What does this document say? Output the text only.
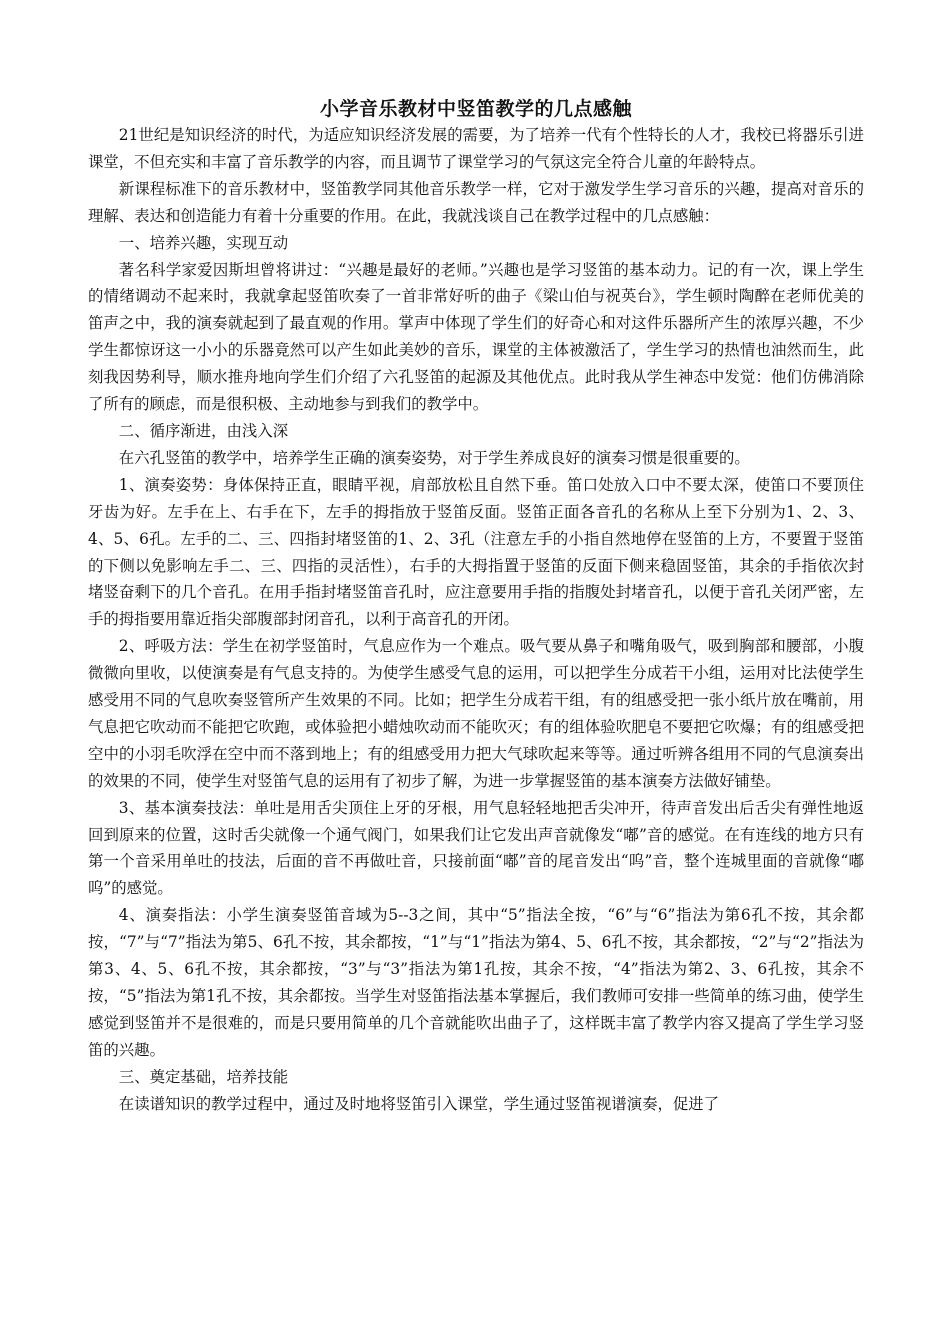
小学音乐教材中竖笛教学的几点感触

21世纪是知识经济的时代，为适应知识经济发展的需要，为了培养一代有个性特长的人才，我校已将器乐引进课堂，不但充实和丰富了音乐教学的内容，而且调节了课堂学习的气氛这完全符合儿童的年龄特点。

新课程标准下的音乐教材中，竖笛教学同其他音乐教学一样，它对于激发学生学习音乐的兴趣，提高对音乐的理解、表达和创造能力有着十分重要的作用。在此，我就浅谈自己在教学过程中的几点感触：

一、培养兴趣，实现互动

著名科学家爱因斯坦曾将讲过：“兴趣是最好的老师。”兴趣也是学习竖笛的基本动力。记的有一次，课上学生的情绪调动不起来时，我就拿起竖笛吹奏了一首非常好听的曲子《梁山伯与祝英台》，学生顿时陶醉在老师优美的笛声之中，我的演奏就起到了最直观的作用。掌声中体现了学生们的好奇心和对这件乐器所产生的浓厚兴趣，不少学生都惊讶这一小小的乐器竟然可以产生如此美妙的音乐，课堂的主体被激活了，学生学习的热情也油然而生，此刻我因势利导，顺水推舟地向学生们介绍了六孔竖笛的起源及其他优点。此时我从学生神态中发觉：他们仿佛消除了所有的顾虑，而是很积极、主动地参与到我们的教学中。

二、循序渐进，由浅入深

在六孔竖笛的教学中，培养学生正确的演奏姿势，对于学生养成良好的演奏习惯是很重要的。

1、演奏姿势：身体保持正直，眼睛平视，肩部放松且自然下垂。笛口处放入口中不要太深，使笛口不要顶住牙齿为好。左手在上、右手在下，左手的拇指放于竖笛反面。竖笛正面各音孔的名称从上至下分别为1、2、3、4、5、6孔。左手的二、三、四指封堵竖笛的1、2、3孔（注意左手的小指自然地停在竖笛的上方，不要置于竖笛的下侧以免影响左手二、三、四指的灵活性），右手的大拇指置于竖笛的反面下侧来稳固竖笛，其余的手指依次封堵竖奋剩下的几个音孔。在用手指封堵竖笛音孔时，应注意要用手指的指腹处封堵音孔，以便于音孔关闭严密，左手的拇指要用靠近指尖部腹部封闭音孔，以利于高音孔的开闭。

2、呼吸方法：学生在初学竖笛时，气息应作为一个难点。吸气要从鼻子和嘴角吸气，吸到胸部和腰部，小腹微微向里收，以使演奏是有气息支持的。为使学生感受气息的运用，可以把学生分成若干小组，运用对比法使学生感受用不同的气息吹奏竖管所产生效果的不同。比如；把学生分成若干组，有的组感受把一张小纸片放在嘴前，用气息把它吹动而不能把它吹跑，或体验把小蜡烛吹动而不能吹灭；有的组体验吹肥皂不要把它吹爆；有的组感受把空中的小羽毛吹浮在空中而不落到地上；有的组感受用力把大气球吹起来等等。通过听辨各组用不同的气息演奏出的效果的不同，使学生对竖笛气息的运用有了初步了解，为进一步掌握竖笛的基本演奏方法做好铺垫。

3、基本演奏技法：单吐是用舌尖顶住上牙的牙根，用气息轻轻地把舌尖冲开，待声音发出后舌尖有弹性地返回到原来的位置，这时舌尖就像一个通气阀门，如果我们让它发出声音就像发“嘟”音的感觉。在有连线的地方只有第一个音采用单吐的技法，后面的音不再做吐音，只接前面“嘟”音的尾音发出“呜”音，整个连城里面的音就像“嘟呜”的感觉。

4、演奏指法：小学生演奏竖笛音域为5--3之间，其中“5”指法全按，“6”与“6”指法为第6孔不按，其余都按，“7”与“7”指法为第5、6孔不按，其余都按，“1”与“1”指法为第4、5、6孔不按，其余都按，“2”与“2”指法为第3、4、5、6孔不按，其余都按，“3”与“3”指法为第1孔按，其余不按，“4”指法为第2、3、6孔按，其余不按，“5”指法为第1孔不按，其余都按。当学生对竖笛指法基本掌握后，我们教师可安排一些简单的练习曲，使学生感觉到竖笛并不是很难的，而是只要用简单的几个音就能吹出曲子了，这样既丰富了教学内容又提高了学生学习竖笛的兴趣。

三、奠定基础，培养技能

在读谱知识的教学过程中，通过及时地将竖笛引入课堂，学生通过竖笛视谱演奏，促进了
